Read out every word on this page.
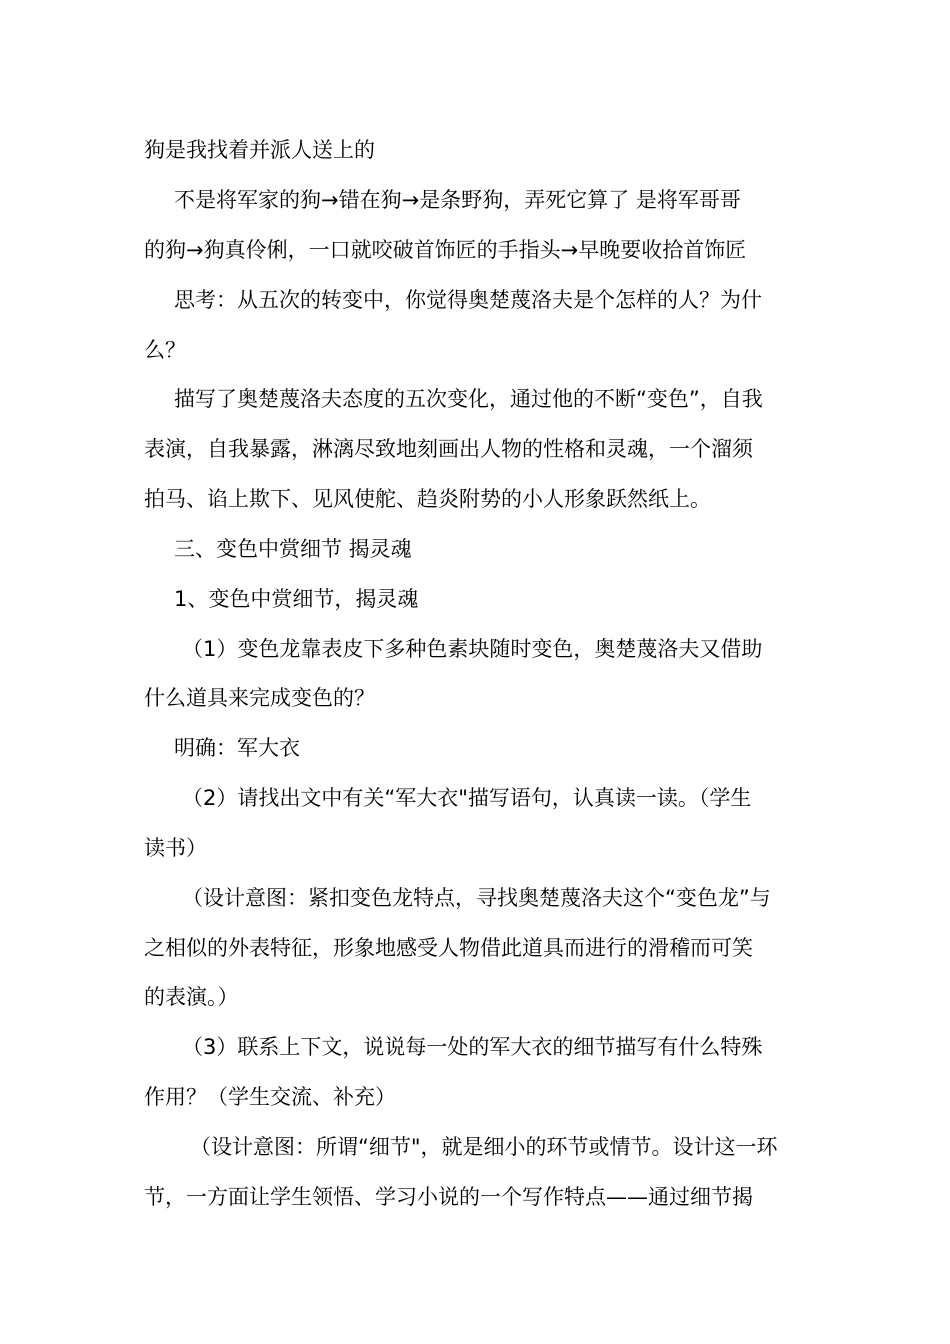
狗是我找着并派人送上的
不是将军家的狗→错在狗→是条野狗，弄死它算了 是将军哥哥
的狗→狗真伶俐，一口就咬破首饰匠的手指头→早晚要收拾首饰匠
思考：从五次的转变中，你觉得奥楚蔑洛夫是个怎样的人？为什
么？
描写了奥楚蔑洛夫态度的五次变化，通过他的不断“变色”，自我
表演，自我暴露，淋漓尽致地刻画出人物的性格和灵魂，一个溜须
拍马、谄上欺下、见风使舵、趋炎附势的小人形象跃然纸上。
三、变色中赏细节 揭灵魂
1、变色中赏细节，揭灵魂
（1）变色龙靠表皮下多种色素块随时变色，奥楚蔑洛夫又借助
什么道具来完成变色的？
明确：军大衣
（2）请找出文中有关“军大衣"描写语句，认真读一读。（学生
读书）
（设计意图：紧扣变色龙特点，寻找奥楚蔑洛夫这个“变色龙”与
之相似的外表特征，形象地感受人物借此道具而进行的滑稽而可笑
的表演。）
（3）联系上下文，说说每一处的军大衣的细节描写有什么特殊
作用？（学生交流、补充）
（设计意图：所谓“细节"，就是细小的环节或情节。设计这一环
节，一方面让学生领悟、学习小说的一个写作特点——通过细节揭
